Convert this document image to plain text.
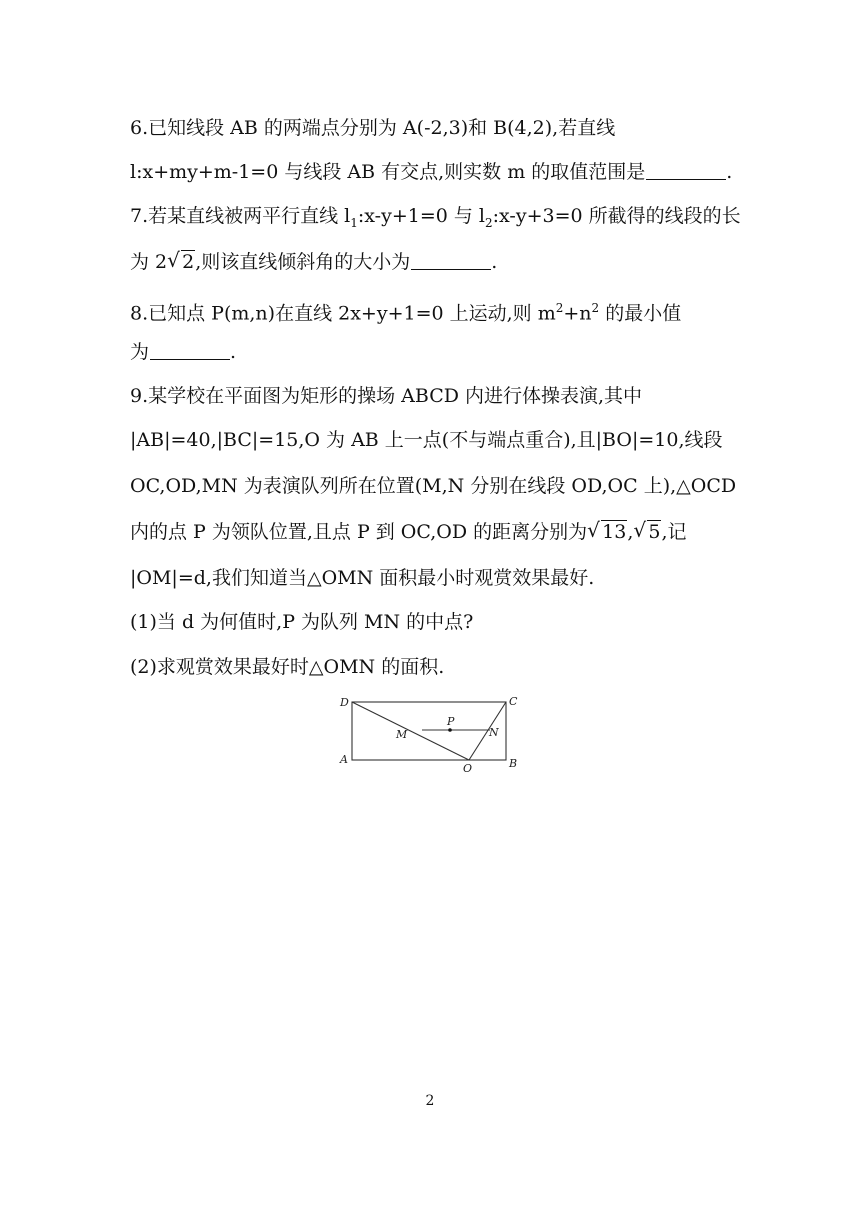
6.已知线段 AB 的两端点分别为 A(-2,3)和 B(4,2),若直线
l:x+my+m-1=0 与线段 AB 有交点,则实数 m 的取值范围是	.
7.若某直线被两平行直线 $l_1:x-y+1=0$ 与 $l_2:x-y+3=0$ 所截得的线段的长
为 2 √ 2,则该直线倾斜角的大小为	.
8.已知点 P(m,n)在直线 2x+y+1=0 上运动,则 $m^2+n^2$ 的最小值
为	.
9.某学校在平面图为矩形的操场 ABCD 内进行体操表演,其中
|AB|=40,|BC|=15,O 为 AB 上一点(不与端点重合),且|BO|=10,线段
OC,OD,MN 为表演队列所在位置(M,N 分别在线段 OD,OC 上),△OCD
内的点 P 为领队位置,且点 P 到 OC,OD 的距离分别为 √ 13, √ 5,记
|OM|=d,我们知道当△OMN 面积最小时观赏效果最好.
(1)当 d 为何值时,P 为队列 MN 的中点?
(2)求观赏效果最好时△OMN 的面积.
D	C
A	B
O
P
M	N
2
